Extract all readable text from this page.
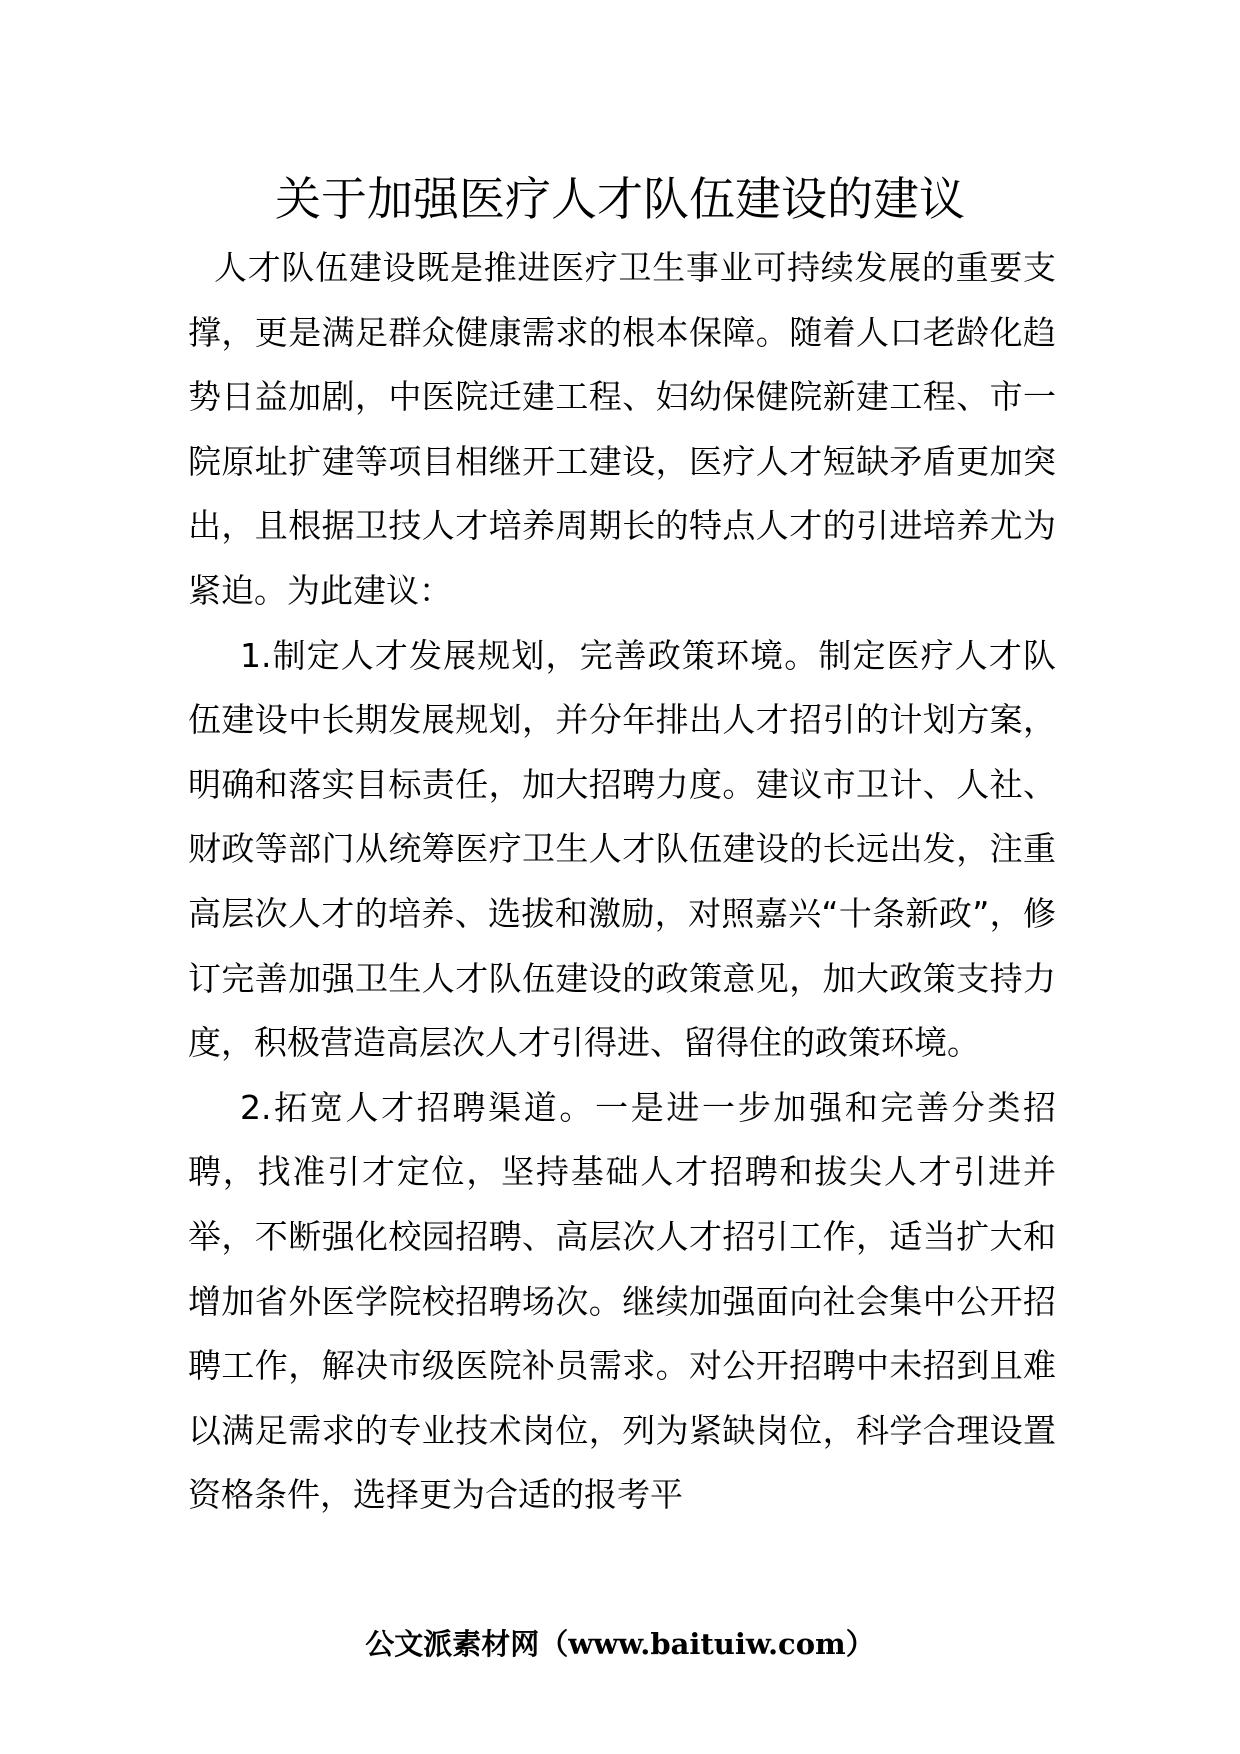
关于加强医疗人才队伍建设的建议

人才队伍建设既是推进医疗卫生事业可持续发展的重要支撑，更是满足群众健康需求的根本保障。随着人口老龄化趋势日益加剧，中医院迁建工程、妇幼保健院新建工程、市一院原址扩建等项目相继开工建设，医疗人才短缺矛盾更加突出，且根据卫技人才培养周期长的特点人才的引进培养尤为紧迫。为此建议：

1.制定人才发展规划，完善政策环境。制定医疗人才队伍建设中长期发展规划，并分年排出人才招引的计划方案，明确和落实目标责任，加大招聘力度。建议市卫计、人社、财政等部门从统筹医疗卫生人才队伍建设的长远出发，注重高层次人才的培养、选拔和激励，对照嘉兴“十条新政”，修订完善加强卫生人才队伍建设的政策意见，加大政策支持力度，积极营造高层次人才引得进、留得住的政策环境。

2.拓宽人才招聘渠道。一是进一步加强和完善分类招聘，找准引才定位，坚持基础人才招聘和拔尖人才引进并举，不断强化校园招聘、高层次人才招引工作，适当扩大和增加省外医学院校招聘场次。继续加强面向社会集中公开招聘工作，解决市级医院补员需求。对公开招聘中未招到且难以满足需求的专业技术岗位，列为紧缺岗位，科学合理设置资格条件，选择更为合适的报考平

公文派素材网（www.baituiw.com）
